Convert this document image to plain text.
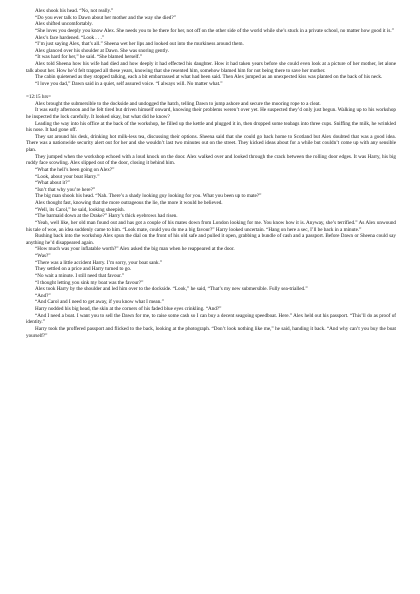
Alex shook his head. “No, not really.”

“Do you ever talk to Dawn about her mother and the way she died?”

Alex shifted uncomfortably.

“She loves you deeply you know Alex. She needs you to be there for her, not off on the other side of the world while she’s stuck in a private school, no matter how good it is.”

Alex’s face hardened. “Look . . .”

“I’m just saying Alex, that’s all.” Sheena wet her lips and looked out into the murkiness around them.

Alex glanced over his shoulder at Dawn. She was snoring gently.

“It was hard for her,” he said. “She blamed herself.”

Alex told Sheena how his wife had died and how deeply it had effected his daughter. How it had taken years before she could even look at a picture of her mother, let alone talk about her. How he’d felt trapped all these years, knowing that she resented him, somehow blamed him for not being there to save her mother.

The cabin quietened as they stopped talking, each a bit embarrassed at what had been said. Then Alex jumped as an unexpected kiss was planted on the back of his neck.

“I love you dad,” Dawn said in a quiet, self assured voice. “I always will. No matter what.”

=12:15 hrs=

Alex brought the submersible to the dockside and undogged the hatch, telling Dawn to jump ashore and secure the mooring rope to a cleat.

It was early afternoon and he felt tired but driven himself onward, knowing their problems weren’t over yet. He suspected they’d only just begun. Walking up to his workshop he inspected the lock carefully. It looked okay, but what did he know?

Leading the way into his office at the back of the workshop, he filled up the kettle and plugged it in, then dropped some teabags into three cups. Sniffing the milk, he wrinkled his nose. It had gone off.

They sat around his desk, drinking hot milk-less tea, discussing their options. Sheena said that she could go back home to Scotland but Alex doubted that was a good idea. There was a nationwide security alert out for her and she wouldn’t last two minutes out on the street. They kicked ideas about for a while but couldn’t come up with any sensible plan.

They jumped when the workshop echoed with a loud knock on the door. Alex walked over and looked through the crack between the rolling door edges. It was Harry, his big ruddy face scowling. Alex slipped out of the door, closing it behind him.

“What the hell’s been going on Alex?”

“Look, about your boat Harry.”

“What about it?”

“Isn’t that why you’re here?”

The big man shook his head. “Nah. There’s a shady looking guy looking for you. What you been up to mate?”

Alex thought fast, knowing that the more outrageous the lie, the more it would be believed.

“Well, its Carol,” he said, looking sheepish.

“The barmaid down at the Drake?” Harry’s thick eyebrows had risen.

“Yeah, well like, her old man found out and has got a couple of his mates down from London looking for me. You know how it is. Anyway, she’s terrified.” As Alex unwound his tale of woe, an idea suddenly came to him. “Look mate, could you do me a big favour?” Harry looked uncertain. “Hang on here a sec, I’ll be back in a minute.”

Rushing back into the workshop Alex spun the dial on the front of his old safe and pulled it open, grabbing a bundle of cash and a passport. Before Dawn or Sheena could say anything he’d disappeared again.

“How much was your inflatable worth?” Alex asked the big man when he reappeared at the door.

“Was?”

“There was a little accident Harry. I’m sorry, your boat sank.”

They settled on a price and Harry turned to go.

“No wait a minute. I still need that favour.”

“I thought letting you sink my boat was the favour?”

Alex took Harry by the shoulder and led him over to the dockside. “Look,” he said, “That’s my new submersible. Fully sea-trialled.”

“And?”

“And Carol and I need to get away, if you know what I mean.”

Harry nodded his big head, the skin at the corners of his faded blue eyes crinkling. “And?”

“And I need a boat. I want you to sell the Dawn for me, to raise some cash so I can buy a decent seagoing speedboat. Here.” Alex held out his passport. “This’ll do as proof of identity.”

Harry took the proffered passport and flicked to the back, looking at the photograph. “Don’t look nothing like me,” he said, handing it back. “And why can’t you buy the boat yourself?”
